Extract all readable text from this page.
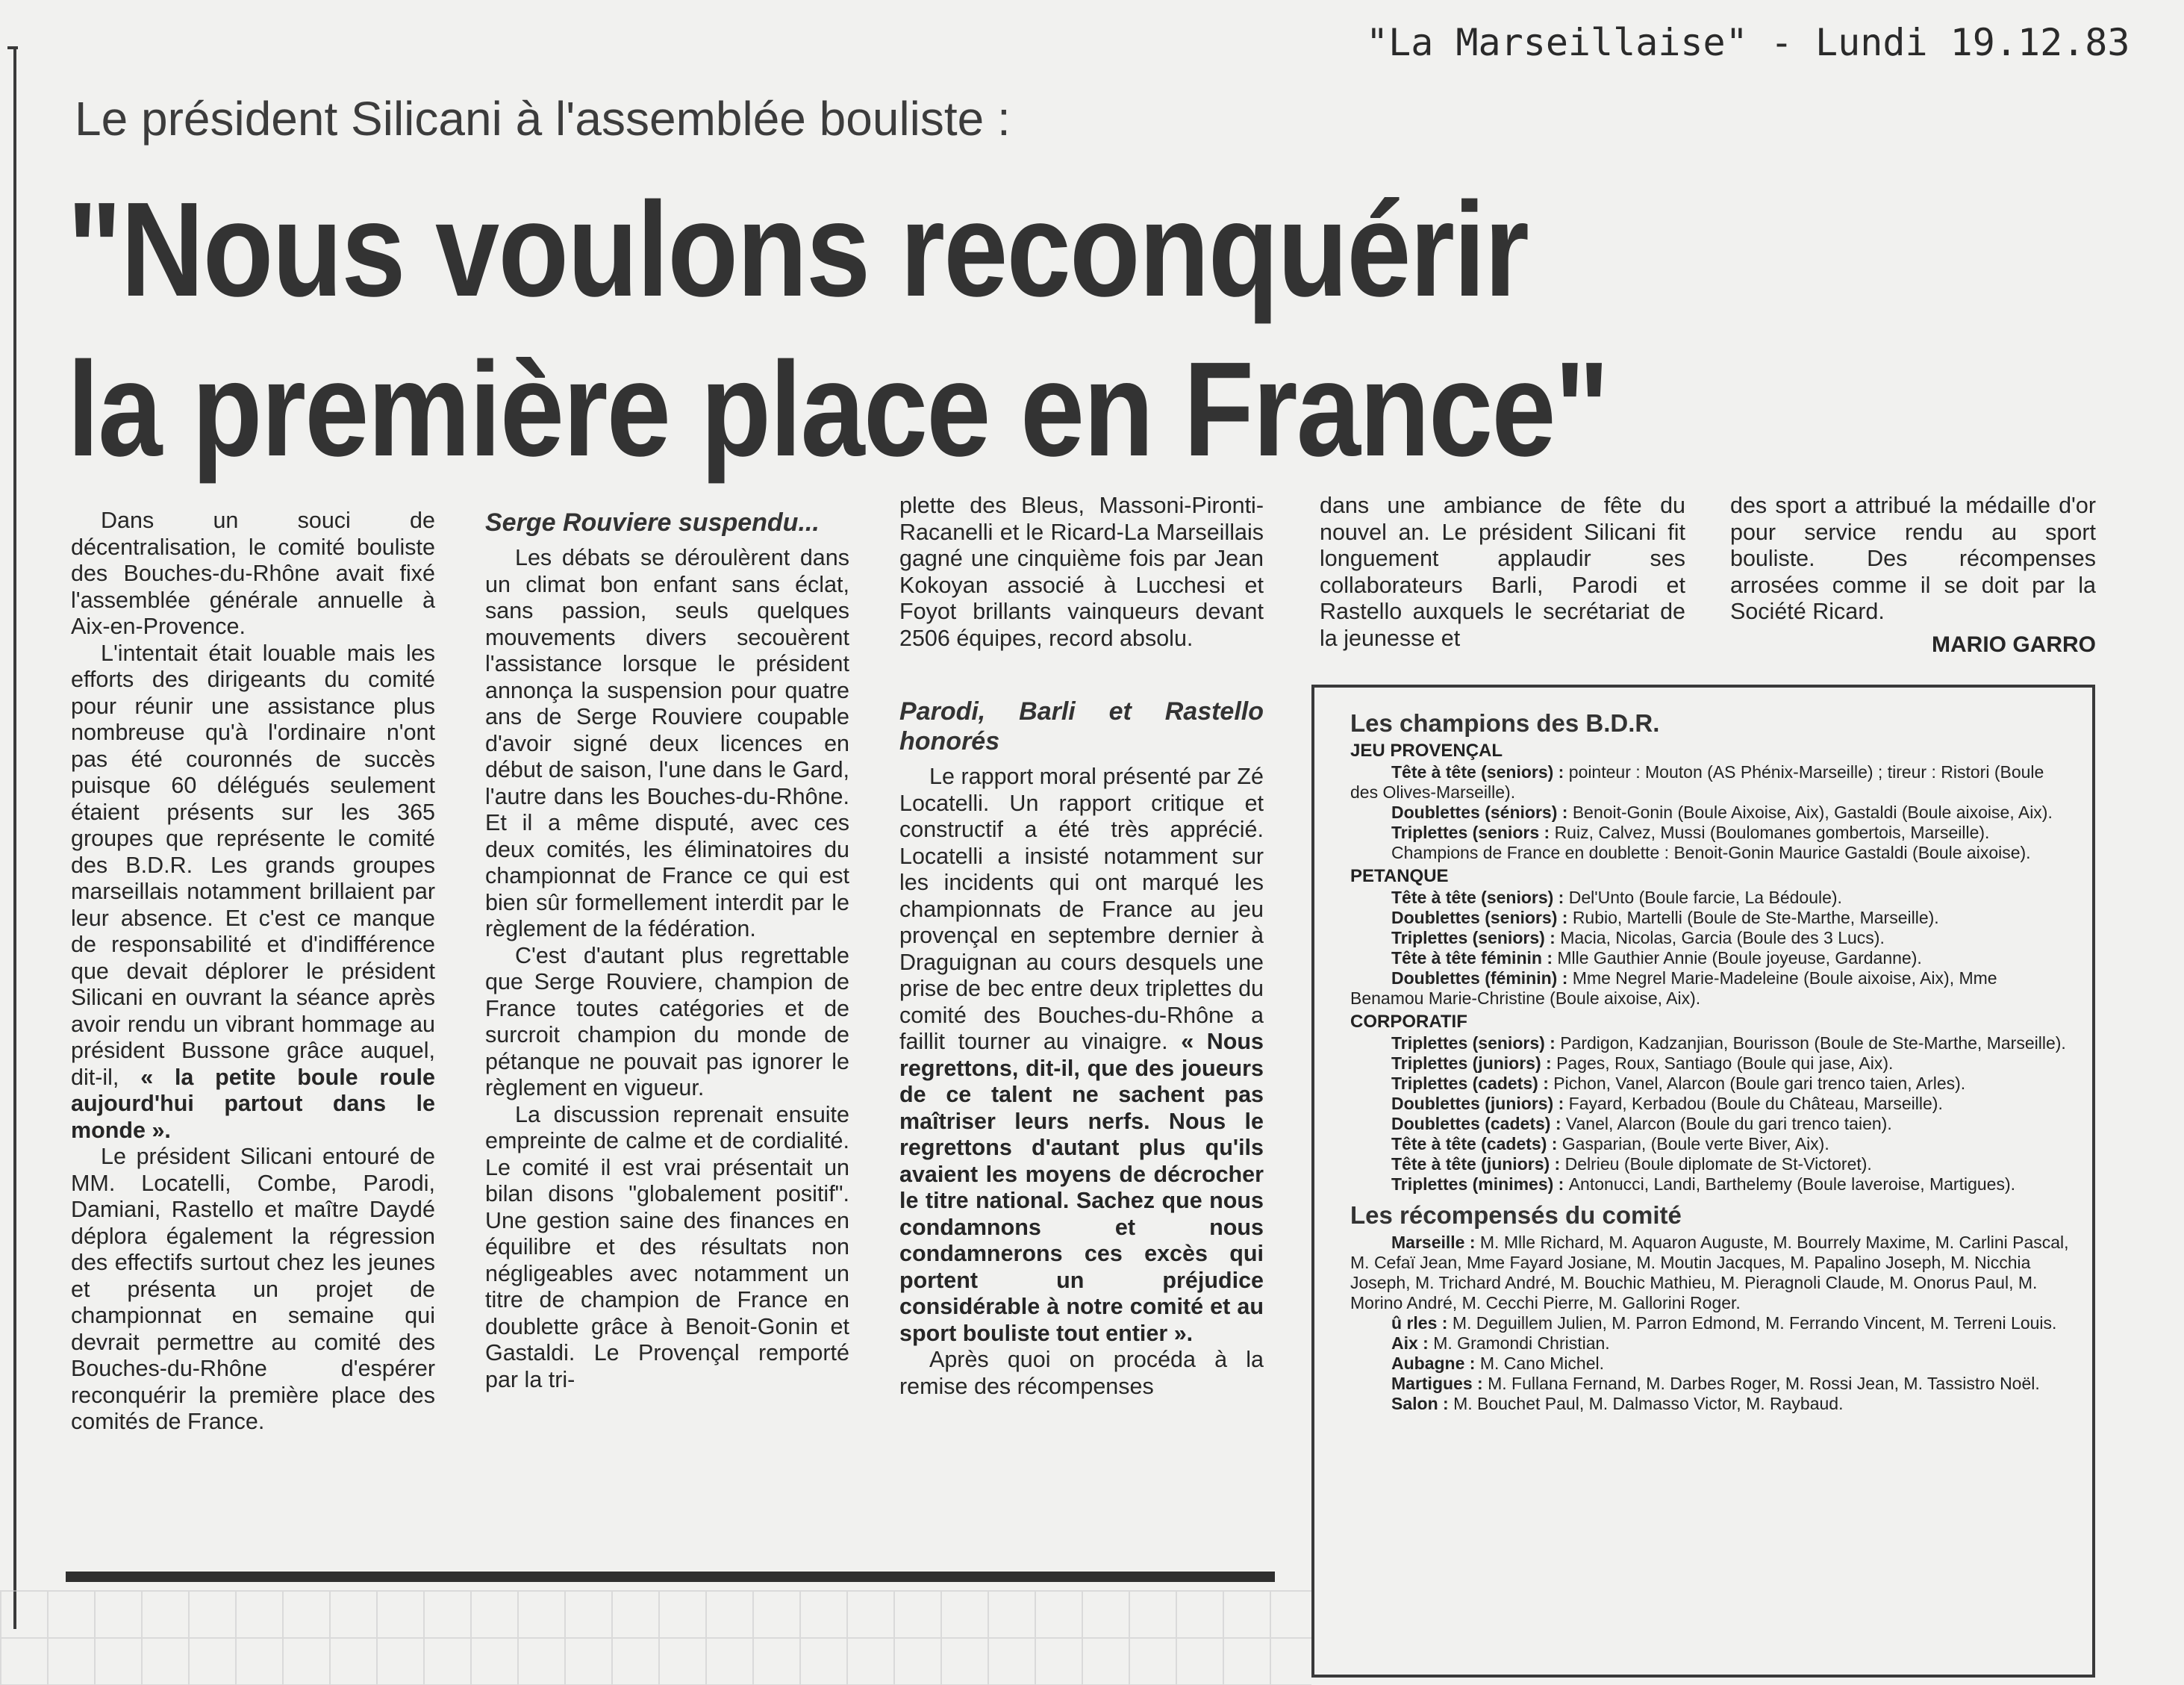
"La Marseillaise" - Lundi 19.12.83
Le président Silicani à l'assemblée bouliste :
"Nous voulons reconquérir
la première place en France"

Dans un souci de décentralisation, le comité bouliste des Bouches-du-Rhône avait fixé l'assemblée générale annuelle à Aix-en-Provence.

L'intentait était louable mais les efforts des dirigeants du comité pour réunir une assistance plus nombreuse qu'à l'ordinaire n'ont pas été couronnés de succès puisque 60 délégués seulement étaient présents sur les 365 groupes que représente le comité des B.D.R. Les grands groupes marseillais notamment brillaient par leur absence. Et c'est ce manque de responsabilité et d'indifférence que devait déplorer le président Silicani en ouvrant la séance après avoir rendu un vibrant hommage au président Bussone grâce auquel, dit-il, « la petite boule roule aujourd'hui partout dans le monde ».

Le président Silicani entouré de MM. Locatelli, Combe, Parodi, Damiani, Rastello et maître Daydé déplora également la régression des effectifs surtout chez les jeunes et présenta un projet de championnat en semaine qui devrait permettre au comité des Bouches-du-Rhône d'espérer reconquérir la première place des comités de France.

Serge Rouviere suspendu...

Les débats se déroulèrent dans un climat bon enfant sans éclat, sans passion, seuls quelques mouvements divers secouèrent l'assistance lorsque le président annonça la suspension pour quatre ans de Serge Rouviere coupable d'avoir signé deux licences en début de saison, l'une dans le Gard, l'autre dans les Bouches-du-Rhône. Et il a même disputé, avec ces deux comités, les éliminatoires du championnat de France ce qui est bien sûr formellement interdit par le règlement de la fédération.

C'est d'autant plus regrettable que Serge Rouviere, champion de France toutes catégories et de surcroit champion du monde de pétanque ne pouvait pas ignorer le règlement en vigueur.

La discussion reprenait ensuite empreinte de calme et de cordialité. Le comité il est vrai présentait un bilan disons "globalement positif". Une gestion saine des finances en équilibre et des résultats non négligeables avec notamment un titre de champion de France en doublette grâce à Benoit-Gonin et Gastaldi. Le Provençal remporté par la tri-

plette des Bleus, Massoni-Pironti-Racanelli et le Ricard-La Marseillais gagné une cinquième fois par Jean Kokoyan associé à Lucchesi et Foyot brillants vainqueurs devant 2506 équipes, record absolu.

Parodi, Barli et Rastello honorés

Le rapport moral présenté par Zé Locatelli. Un rapport critique et constructif a été très apprécié. Locatelli a insisté notamment sur les incidents qui ont marqué les championnats de France au jeu provençal en septembre dernier à Draguignan au cours desquels une prise de bec entre deux triplettes du comité des Bouches-du-Rhône a faillit tourner au vinaigre. « Nous regrettons, dit-il, que des joueurs de ce talent ne sachent pas maîtriser leurs nerfs. Nous le regrettons d'autant plus qu'ils avaient les moyens de décrocher le titre national. Sachez que nous condamnons et nous condamnerons ces excès qui portent un préjudice considérable à notre comité et au sport bouliste tout entier ».

Après quoi on procéda à la remise des récompenses

dans une ambiance de fête du nouvel an. Le président Silicani fit longuement applaudir ses collaborateurs Barli, Parodi et Rastello auxquels le secrétariat de la jeunesse et

des sport a attribué la médaille d'or pour service rendu au sport bouliste. Des récompenses arrosées comme il se doit par la Société Ricard.

MARIO GARRO

Les champions des B.D.R.
JEU PROVENÇAL

Tête à tête (seniors) : pointeur : Mouton (AS Phénix-Marseille) ; tireur : Ristori (Boule des Olives-Marseille).

Doublettes (séniors) : Benoit-Gonin (Boule Aixoise, Aix), Gastaldi (Boule aixoise, Aix).

Triplettes (seniors : Ruiz, Calvez, Mussi (Boulomanes gombertois, Marseille).

Champions de France en doublette : Benoit-Gonin Maurice Gastaldi (Boule aixoise).

PETANQUE

Tête à tête (seniors) : Del'Unto (Boule farcie, La Bédoule).

Doublettes (seniors) : Rubio, Martelli (Boule de Ste-Marthe, Marseille).

Triplettes (seniors) : Macia, Nicolas, Garcia (Boule des 3 Lucs).

Tête à tête féminin : Mlle Gauthier Annie (Boule joyeuse, Gardanne).

Doublettes (féminin) : Mme Negrel Marie-Madeleine (Boule aixoise, Aix), Mme Benamou Marie-Christine (Boule aixoise, Aix).

CORPORATIF

Triplettes (seniors) : Pardigon, Kadzanjian, Bourisson (Boule de Ste-Marthe, Marseille).

Triplettes (juniors) : Pages, Roux, Santiago (Boule qui jase, Aix).

Triplettes (cadets) : Pichon, Vanel, Alarcon (Boule gari trenco taien, Arles).

Doublettes (juniors) : Fayard, Kerbadou (Boule du Château, Marseille).

Doublettes (cadets) : Vanel, Alarcon (Boule du gari trenco taien).

Tête à tête (cadets) : Gasparian, (Boule verte Biver, Aix).

Tête à tête (juniors) : Delrieu (Boule diplomate de St-Victoret).

Triplettes (minimes) : Antonucci, Landi, Barthelemy (Boule laveroise, Martigues).

Les récompensés du comité

Marseille : M. Mlle Richard, M. Aquaron Auguste, M. Bourrely Maxime, M. Carlini Pascal, M. Cefaï Jean, Mme Fayard Josiane, M. Moutin Jacques, M. Papalino Joseph, M. Nicchia Joseph, M. Trichard André, M. Bouchic Mathieu, M. Pieragnoli Claude, M. Onorus Paul, M. Morino André, M. Cecchi Pierre, M. Gallorini Roger.

û rles : M. Deguillem Julien, M. Parron Edmond, M. Ferrando Vincent, M. Terreni Louis.

Aix : M. Gramondi Christian.

Aubagne : M. Cano Michel.

Martigues : M. Fullana Fernand, M. Darbes Roger, M. Rossi Jean, M. Tassistro Noël.

Salon : M. Bouchet Paul, M. Dalmasso Victor, M. Raybaud.
